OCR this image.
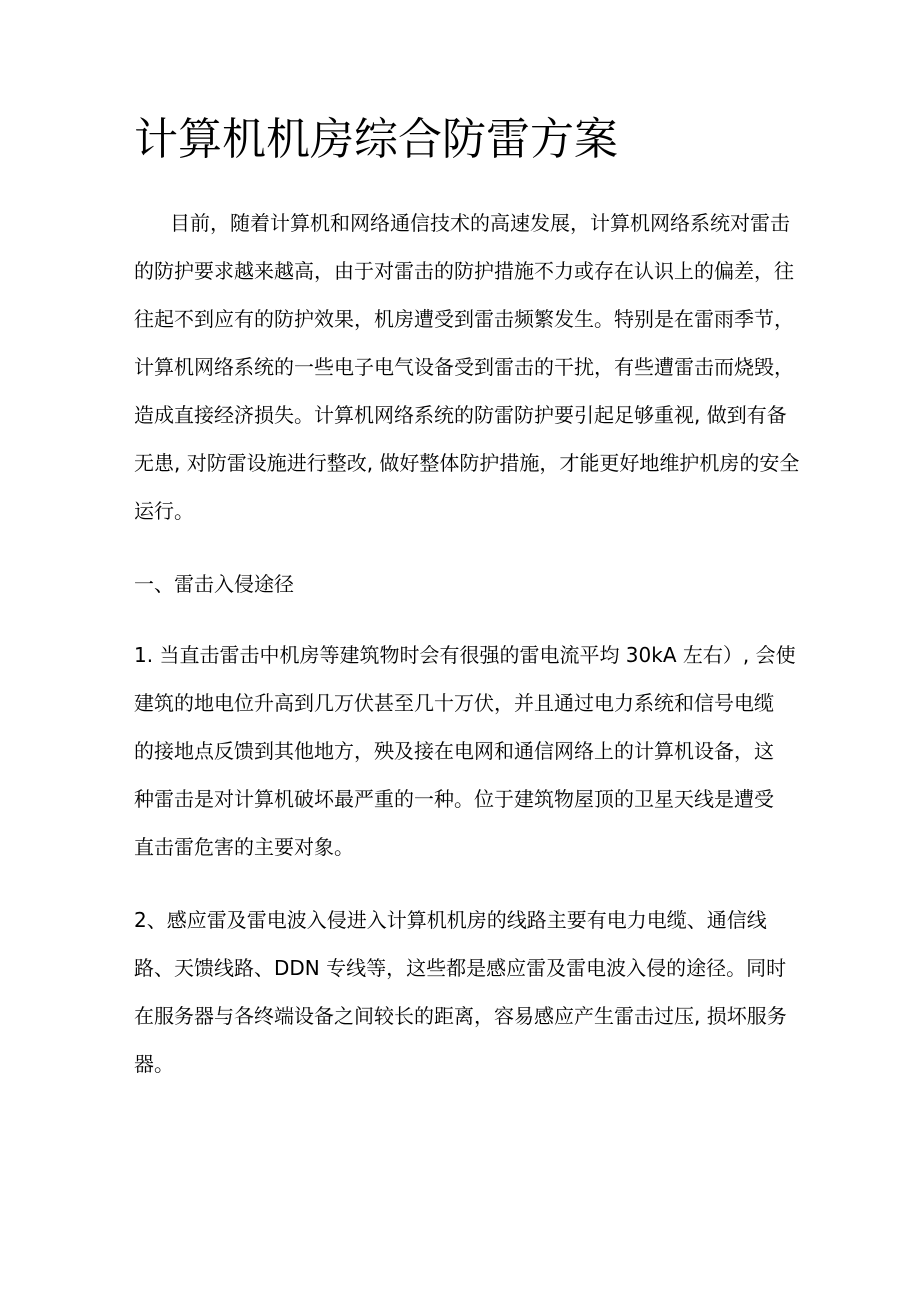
计算机机房综合防雷方案
目前，随着计算机和网络通信技术的高速发展，计算机网络系统对雷击
的防护要求越来越高，由于对雷击的防护措施不力或存在认识上的偏差，往
往起不到应有的防护效果，机房遭受到雷击频繁发生。特别是在雷雨季节，
计算机网络系统的一些电子电气设备受到雷击的干扰，有些遭雷击而烧毁，
造成直接经济损失。计算机网络系统的防雷防护要引起足够重视, 做到有备
无患, 对防雷设施进行整改, 做好整体防护措施，才能更好地维护机房的安全
运行。
一、雷击入侵途径
1. 当直击雷击中机房等建筑物时会有很强的雷电流平均 30kA 左右）, 会使
建筑的地电位升高到几万伏甚至几十万伏，并且通过电力系统和信号电缆
的接地点反馈到其他地方，殃及接在电网和通信网络上的计算机设备，这
种雷击是对计算机破坏最严重的一种。位于建筑物屋顶的卫星天线是遭受
直击雷危害的主要对象。
2、感应雷及雷电波入侵进入计算机机房的线路主要有电力电缆、通信线
路、天馈线路、DDN 专线等，这些都是感应雷及雷电波入侵的途径。同时
在服务器与各终端设备之间较长的距离，容易感应产生雷击过压, 损坏服务
器。
